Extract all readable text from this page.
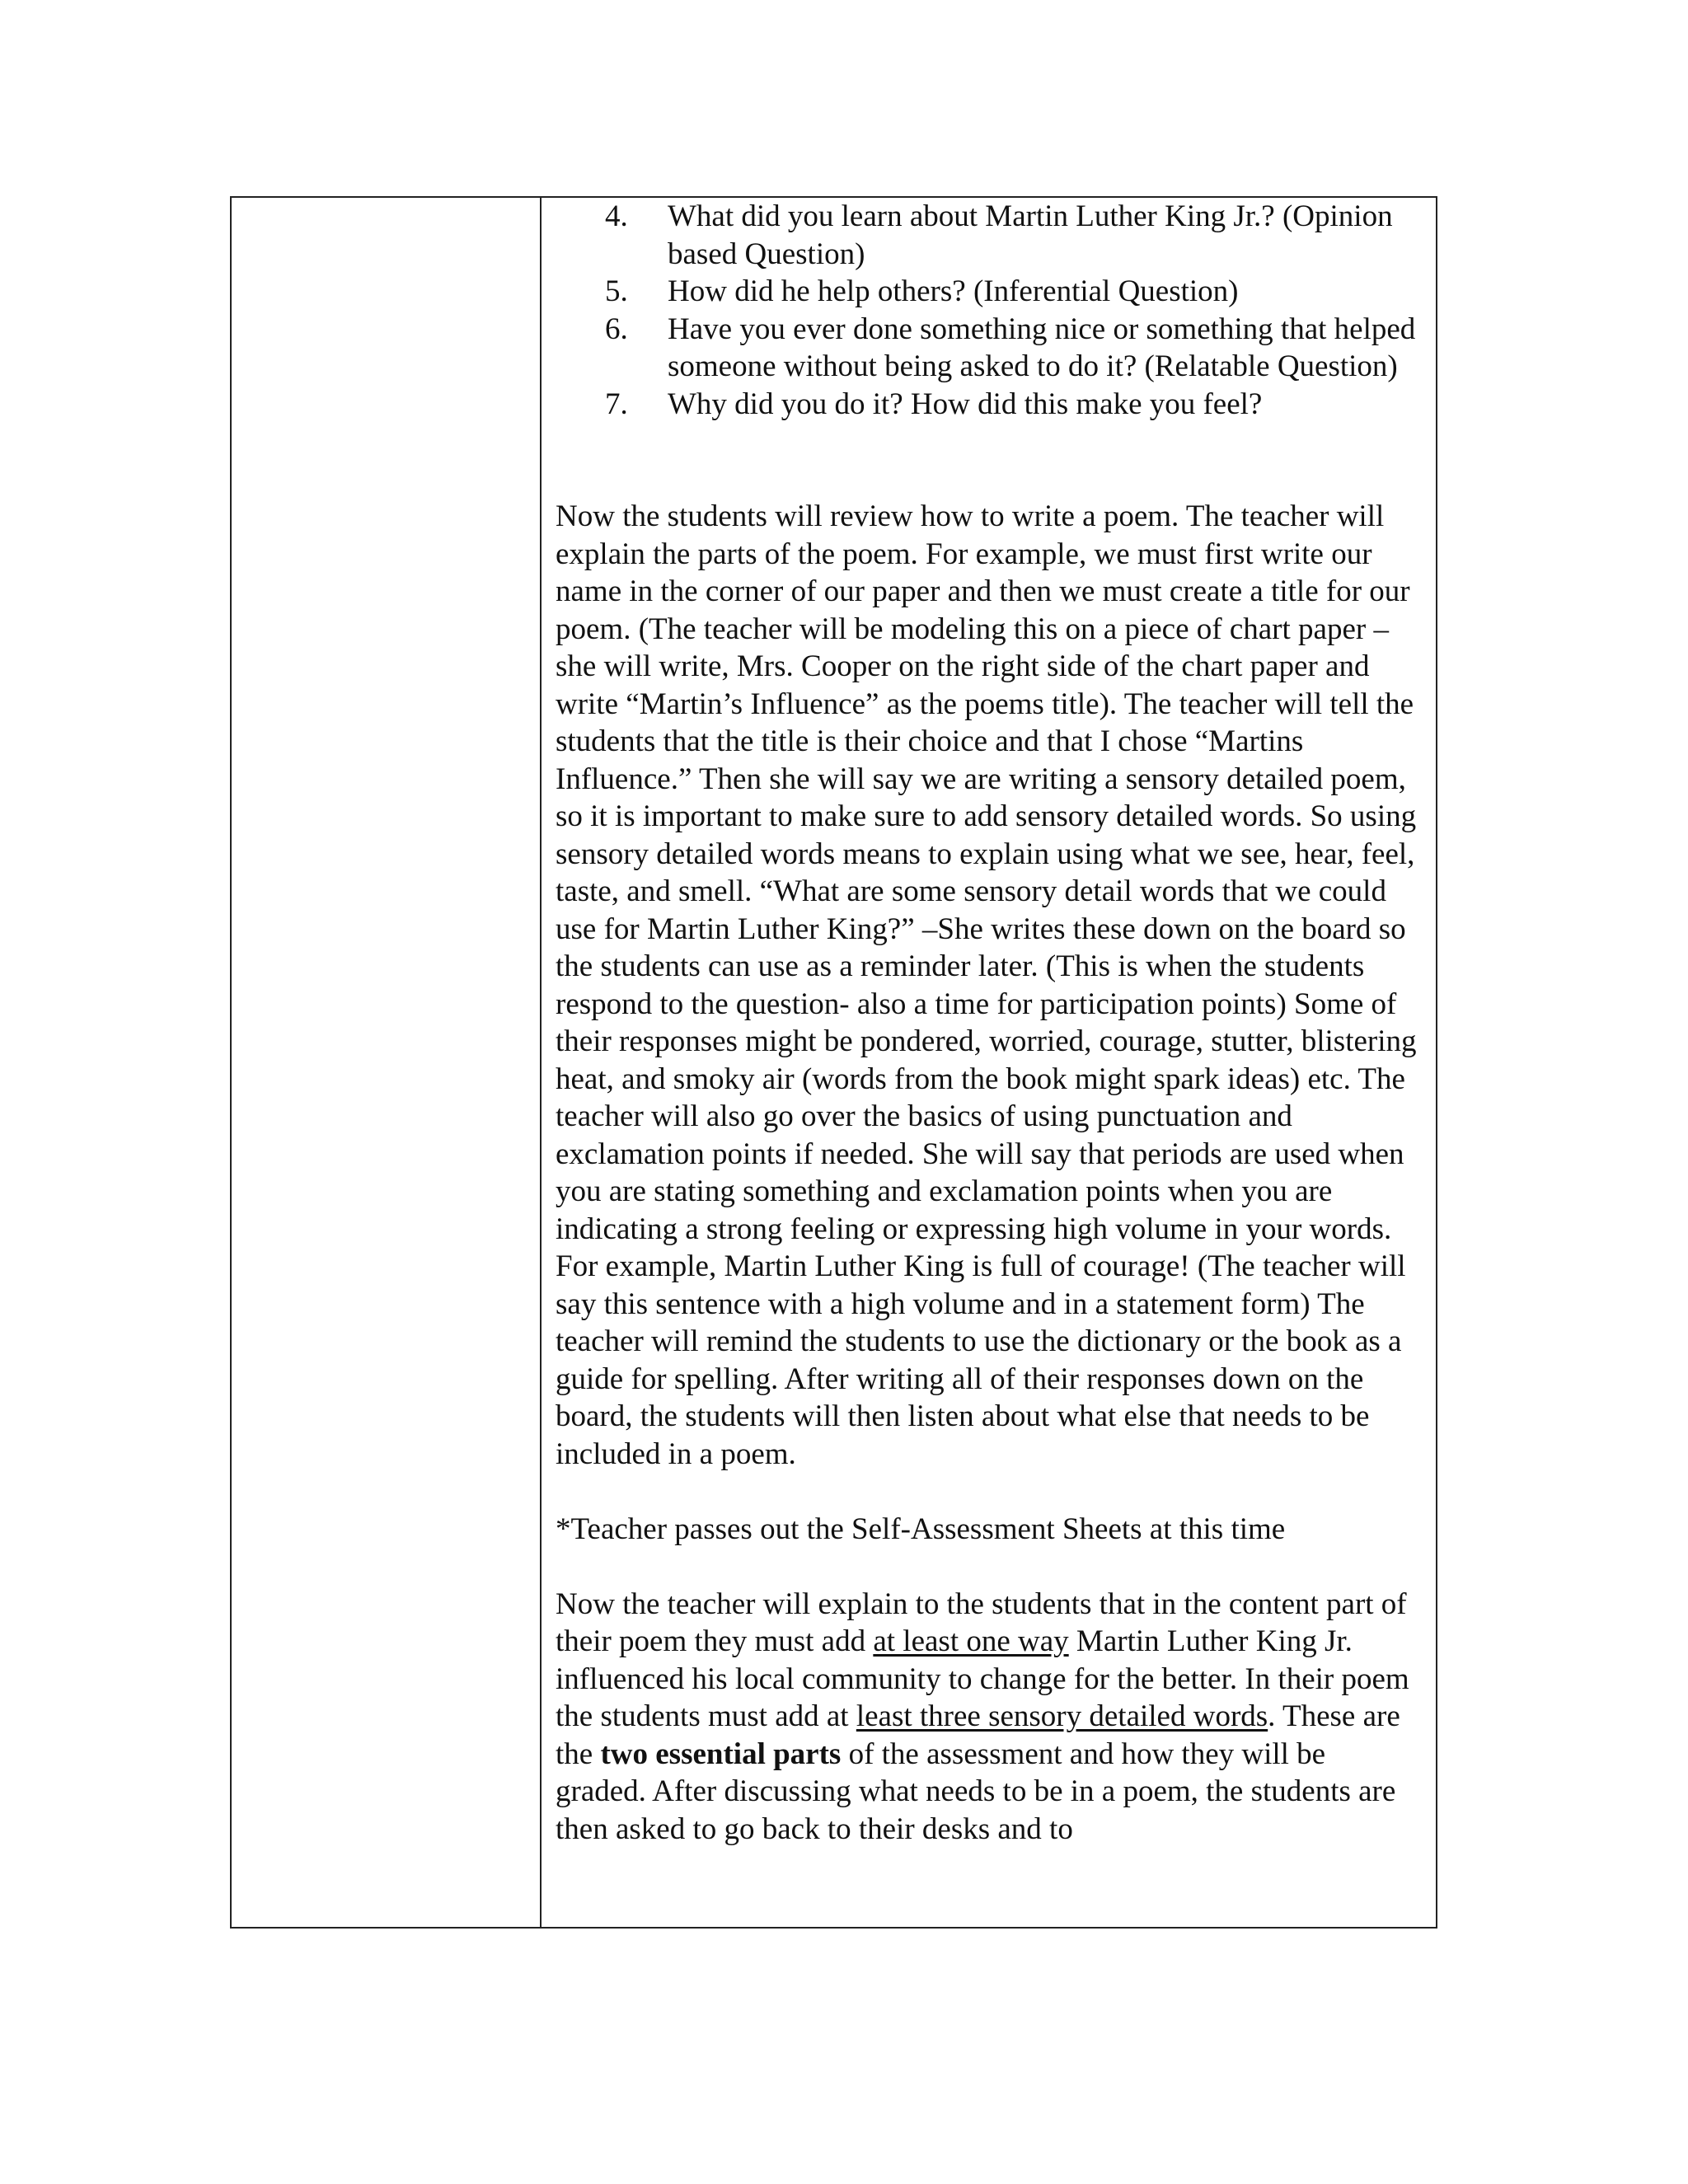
4.	What did you learn about Martin Luther King Jr.? (Opinion based Question)
5.	How did he help others? (Inferential Question)
6.	Have you ever done something nice or something that helped someone without being asked to do it? (Relatable Question)
7.	Why did you do it? How did this make you feel?

Now the students will review how to write a poem. The teacher will explain the parts of the poem. For example, we must first write our name in the corner of our paper and then we must create a title for our poem. (The teacher will be modeling this on a piece of chart paper –she will write, Mrs. Cooper on the right side of the chart paper and write “Martin’s Influence” as the poems title). The teacher will tell the students that the title is their choice and that I chose “Martins Influence.” Then she will say we are writing a sensory detailed poem, so it is important to make sure to add sensory detailed words. So using sensory detailed words means to explain using what we see, hear, feel, taste, and smell. “What are some sensory detail words that we could use for Martin Luther King?” –She writes these down on the board so the students can use as a reminder later. (This is when the students respond to the question- also a time for participation points) Some of their responses might be pondered, worried, courage, stutter, blistering heat, and smoky air (words from the book might spark ideas) etc. The teacher will also go over the basics of using punctuation and exclamation points if needed. She will say that periods are used when you are stating something and exclamation points when you are indicating a strong feeling or expressing high volume in your words. For example, Martin Luther King is full of courage! (The teacher will say this sentence with a high volume and in a statement form) The teacher will remind the students to use the dictionary or the book as a guide for spelling. After writing all of their responses down on the board, the students will then listen about what else that needs to be included in a poem.

*Teacher passes out the Self-Assessment Sheets at this time

Now the teacher will explain to the students that in the content part of their poem they must add at least one way Martin Luther King Jr. influenced his local community to change for the better. In their poem the students must add at least three sensory detailed words. These are the two essential parts of the assessment and how they will be graded. After discussing what needs to be in a poem, the students are then asked to go back to their desks and to
